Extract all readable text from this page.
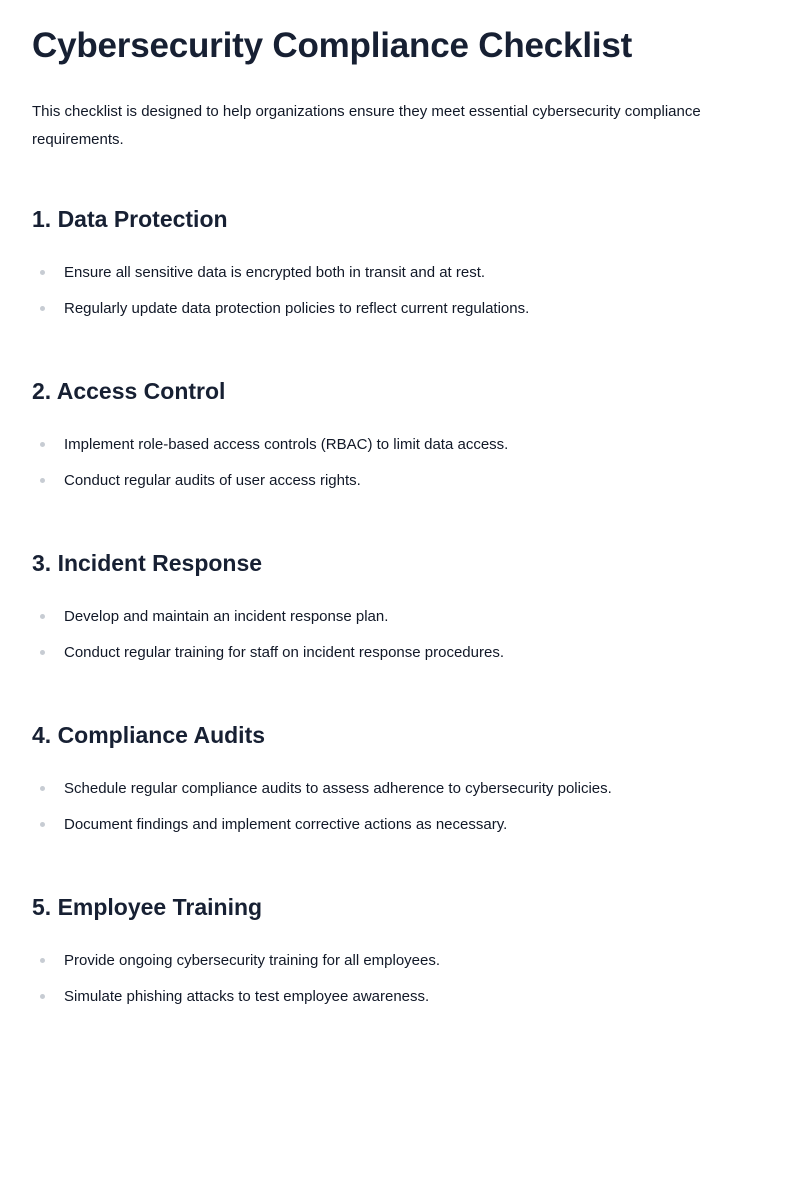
Cybersecurity Compliance Checklist

This checklist is designed to help organizations ensure they meet essential cybersecurity compliance requirements.

1. Data Protection
Ensure all sensitive data is encrypted both in transit and at rest.
Regularly update data protection policies to reflect current regulations.
2. Access Control
Implement role-based access controls (RBAC) to limit data access.
Conduct regular audits of user access rights.
3. Incident Response
Develop and maintain an incident response plan.
Conduct regular training for staff on incident response procedures.
4. Compliance Audits
Schedule regular compliance audits to assess adherence to cybersecurity policies.
Document findings and implement corrective actions as necessary.
5. Employee Training
Provide ongoing cybersecurity training for all employees.
Simulate phishing attacks to test employee awareness.
